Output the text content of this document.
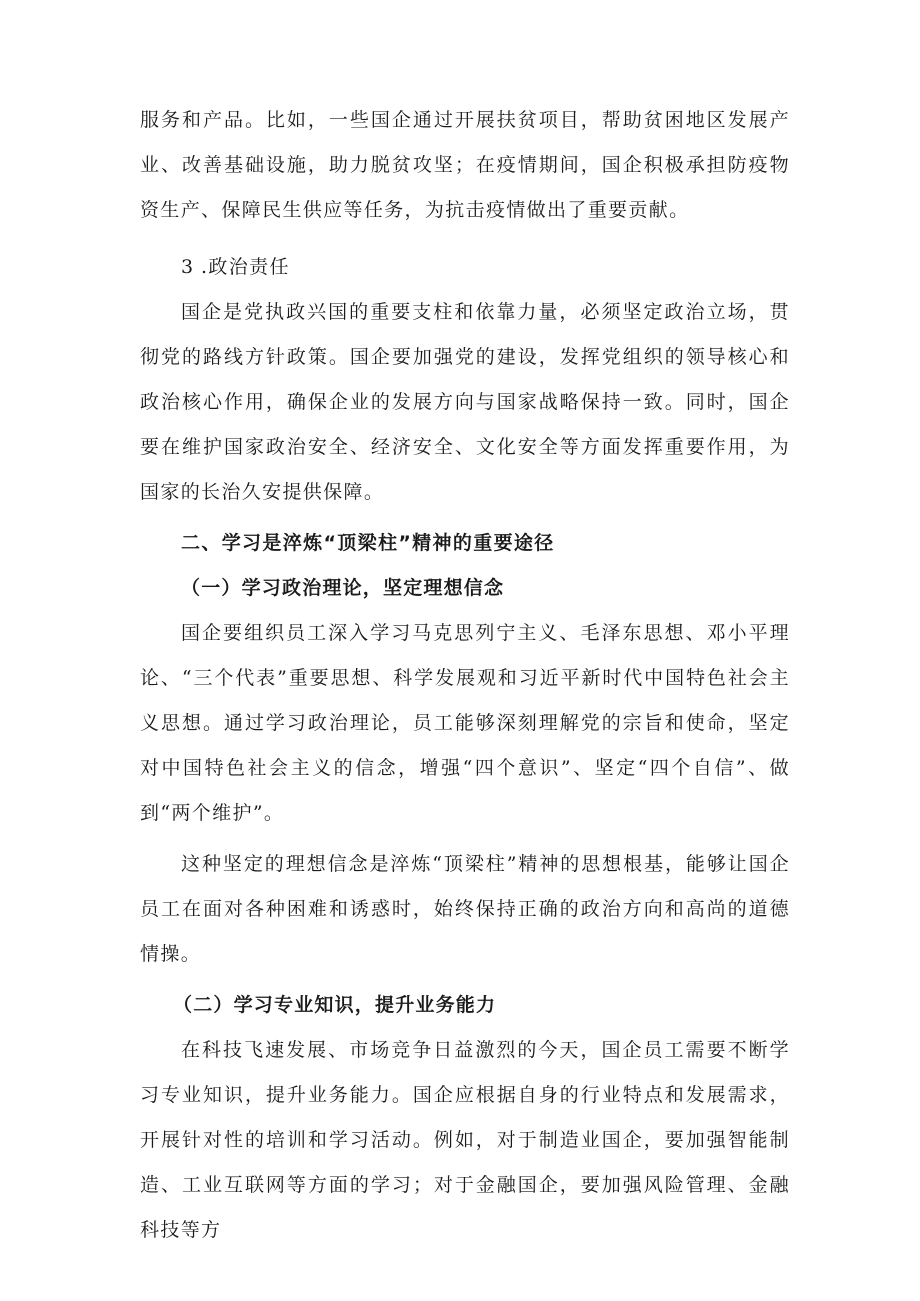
服务和产品。比如，一些国企通过开展扶贫项目，帮助贫困地区发展产业、改善基础设施，助力脱贫攻坚；在疫情期间，国企积极承担防疫物资生产、保障民生供应等任务，为抗击疫情做出了重要贡献。

3 .政治责任

国企是党执政兴国的重要支柱和依靠力量，必须坚定政治立场，贯彻党的路线方针政策。国企要加强党的建设，发挥党组织的领导核心和政治核心作用，确保企业的发展方向与国家战略保持一致。同时，国企要在维护国家政治安全、经济安全、文化安全等方面发挥重要作用，为国家的长治久安提供保障。

二、学习是淬炼“顶梁柱”精神的重要途径

（一）学习政治理论，坚定理想信念

国企要组织员工深入学习马克思列宁主义、毛泽东思想、邓小平理论、“三个代表”重要思想、科学发展观和习近平新时代中国特色社会主义思想。通过学习政治理论，员工能够深刻理解党的宗旨和使命，坚定对中国特色社会主义的信念，增强“四个意识”、坚定“四个自信”、做到“两个维护”。

这种坚定的理想信念是淬炼“顶梁柱”精神的思想根基，能够让国企员工在面对各种困难和诱惑时，始终保持正确的政治方向和高尚的道德情操。

（二）学习专业知识，提升业务能力

在科技飞速发展、市场竞争日益激烈的今天，国企员工需要不断学习专业知识，提升业务能力。国企应根据自身的行业特点和发展需求，开展针对性的培训和学习活动。例如，对于制造业国企，要加强智能制造、工业互联网等方面的学习；对于金融国企，要加强风险管理、金融科技等方
